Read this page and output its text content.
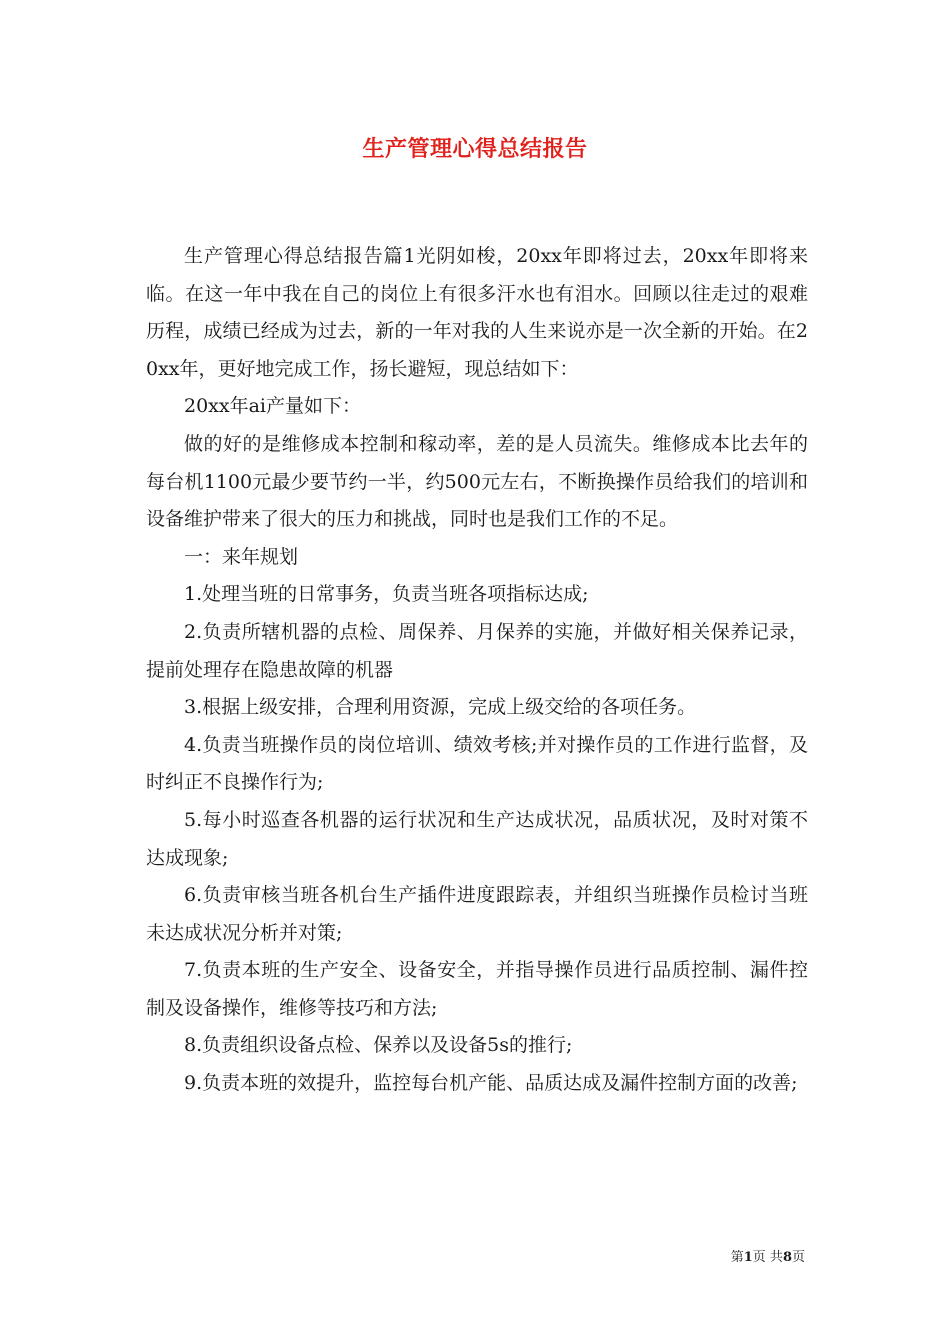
生产管理心得总结报告

生产管理心得总结报告篇1光阴如梭，20xx年即将过去，20xx年即将来临。在这一年中我在自己的岗位上有很多汗水也有泪水。回顾以往走过的艰难历程，成绩已经成为过去，新的一年对我的人生来说亦是一次全新的开始。在20xx年，更好地完成工作，扬长避短，现总结如下：

20xx年ai产量如下：

做的好的是维修成本控制和稼动率，差的是人员流失。维修成本比去年的每台机1100元最少要节约一半，约500元左右，不断换操作员给我们的培训和设备维护带来了很大的压力和挑战，同时也是我们工作的不足。

一：来年规划

1.处理当班的日常事务，负责当班各项指标达成;

2.负责所辖机器的点检、周保养、月保养的实施，并做好相关保养记录，提前处理存在隐患故障的机器

3.根据上级安排，合理利用资源，完成上级交给的各项任务。

4.负责当班操作员的岗位培训、绩效考核;并对操作员的工作进行监督，及时纠正不良操作行为;

5.每小时巡查各机器的运行状况和生产达成状况，品质状况，及时对策不达成现象;

6.负责审核当班各机台生产插件进度跟踪表，并组织当班操作员检讨当班未达成状况分析并对策;

7.负责本班的生产安全、设备安全，并指导操作员进行品质控制、漏件控制及设备操作，维修等技巧和方法;

8.负责组织设备点检、保养以及设备5s的推行;

9.负责本班的效提升，监控每台机产能、品质达成及漏件控制方面的改善;

第1页 共8页
